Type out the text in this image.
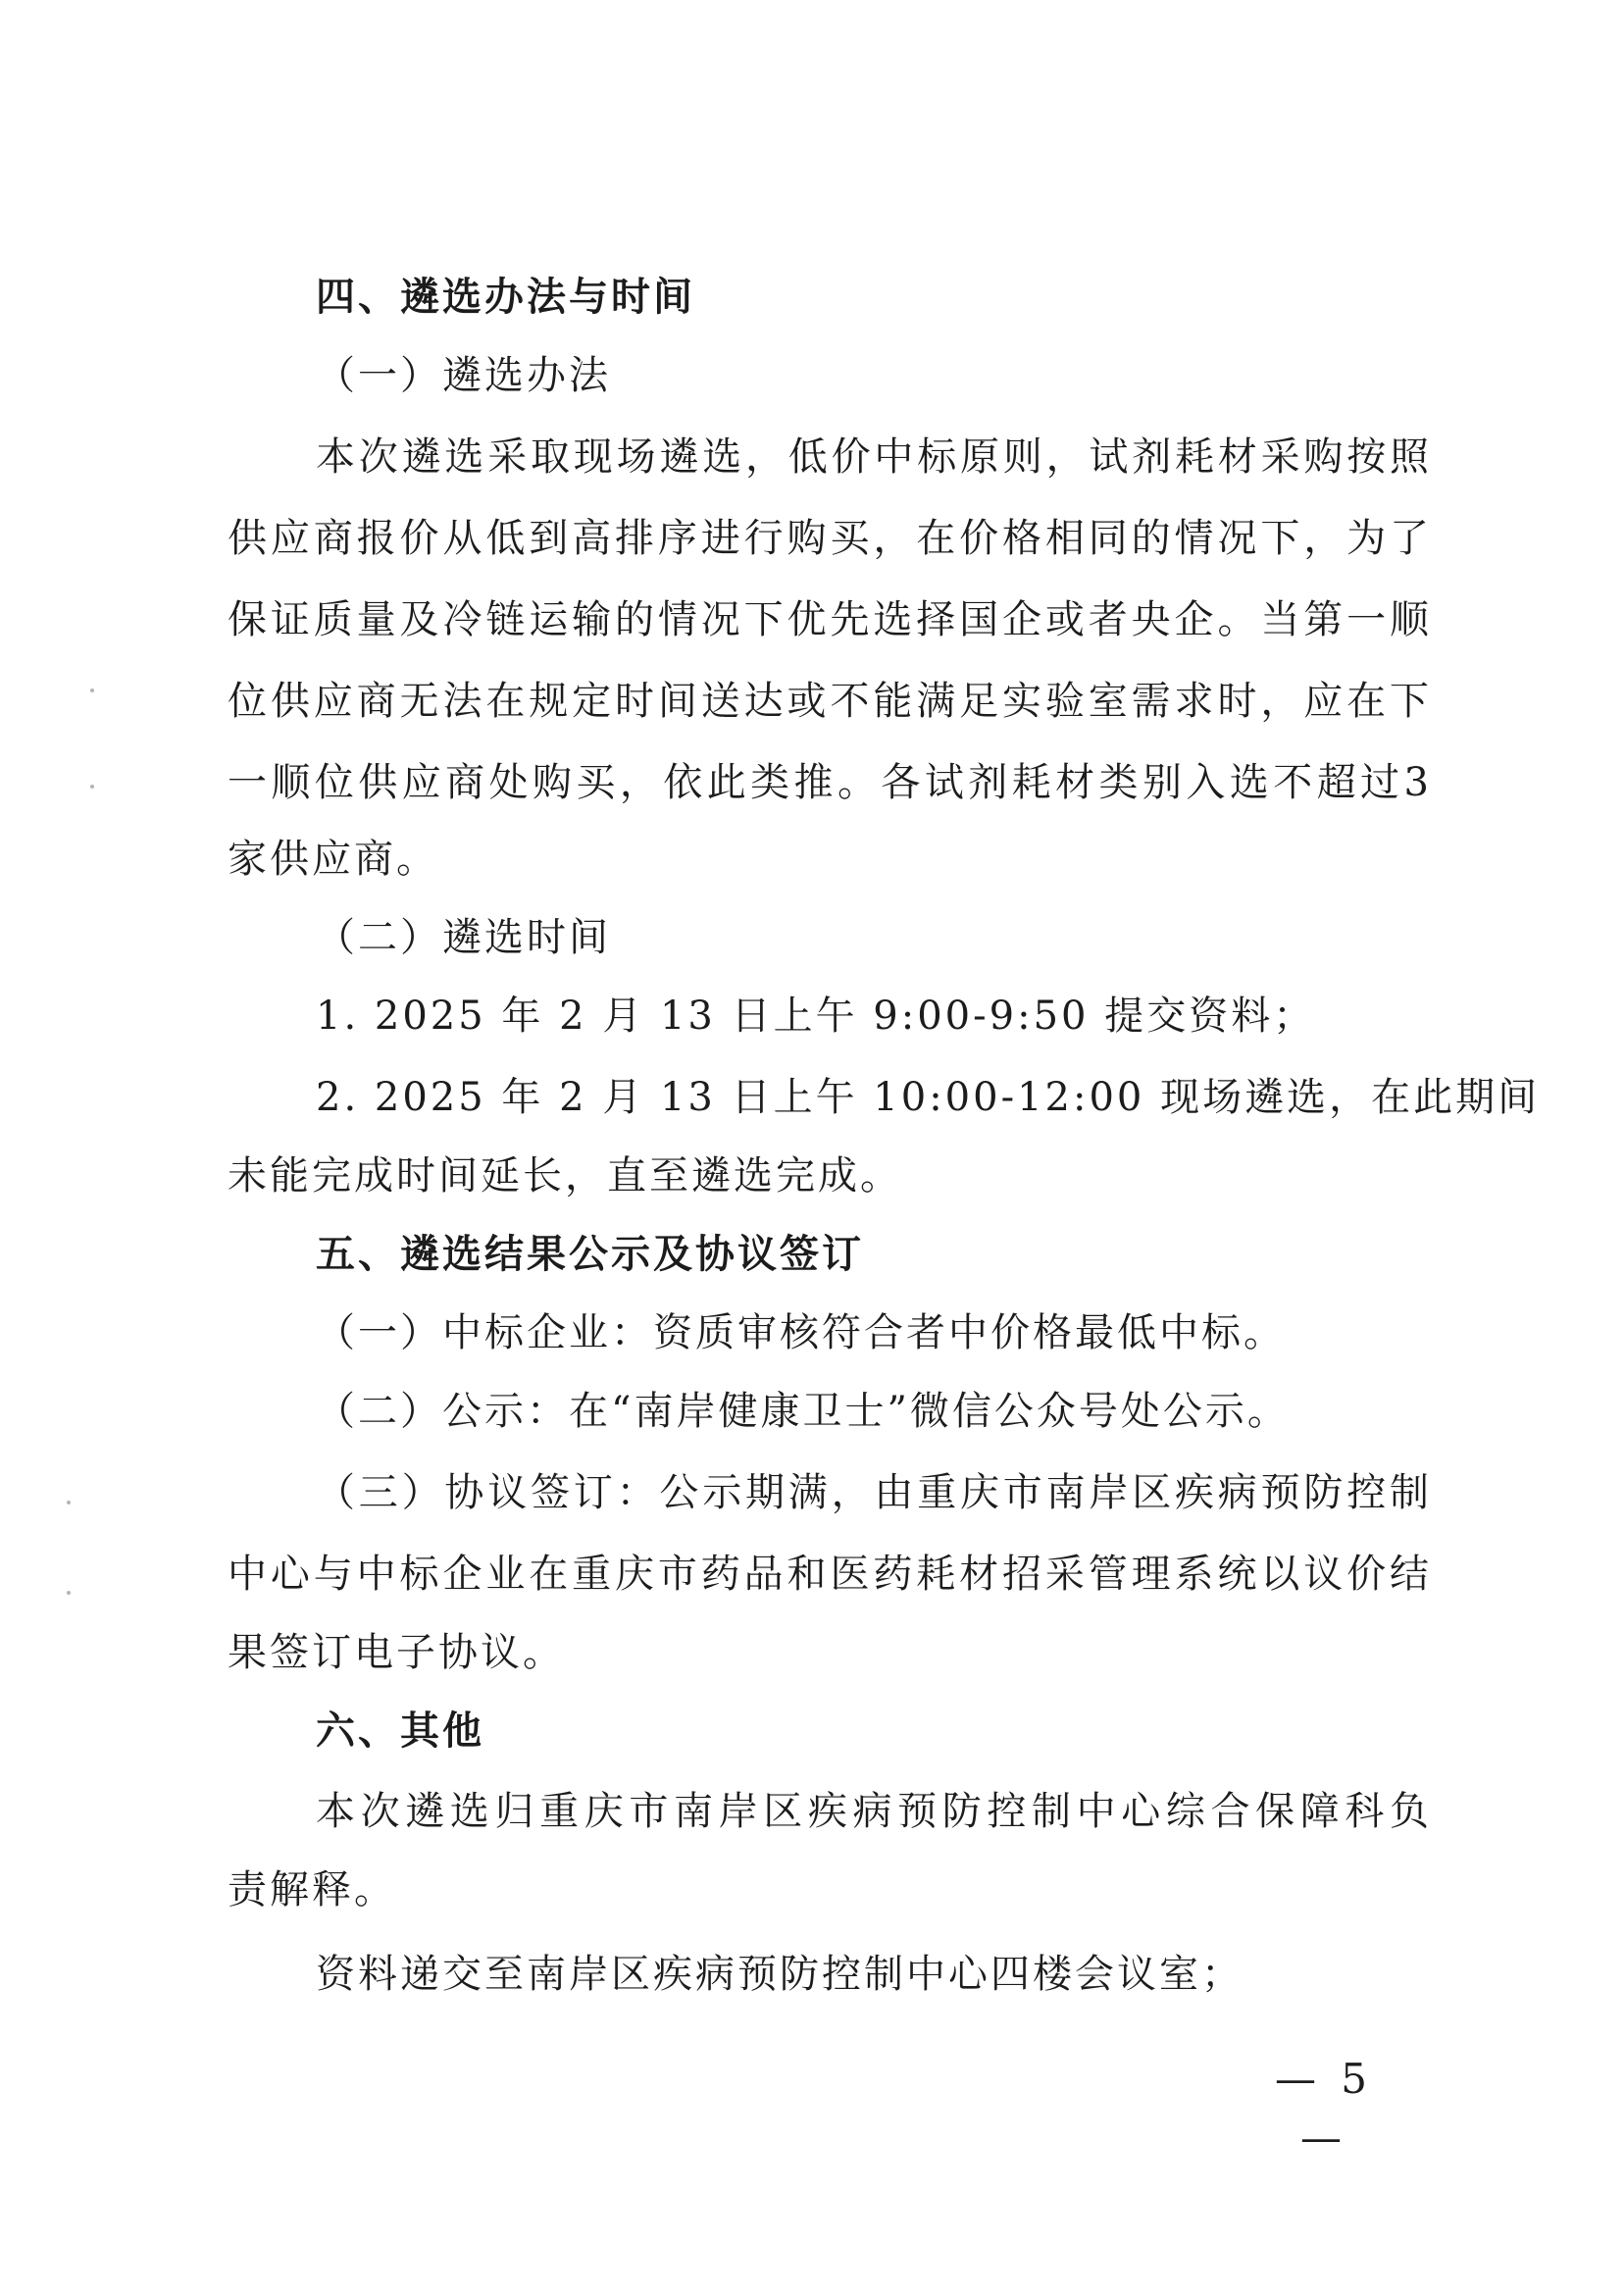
四、遴选办法与时间
（一）遴选办法
本次遴选采取现场遴选，低价中标原则，试剂耗材采购按照
供应商报价从低到高排序进行购买，在价格相同的情况下，为了
保证质量及冷链运输的情况下优先选择国企或者央企。当第一顺
位供应商无法在规定时间送达或不能满足实验室需求时，应在下
一顺位供应商处购买，依此类推。各试剂耗材类别入选不超过3
家供应商。
（二）遴选时间
1. 2025 年 2 月 13 日上午 9:00-9:50 提交资料；
2. 2025 年 2 月 13 日上午 10:00-12:00 现场遴选，在此期间
未能完成时间延长，直至遴选完成。
五、遴选结果公示及协议签订
（一）中标企业：资质审核符合者中价格最低中标。
（二）公示：在“南岸健康卫士”微信公众号处公示。
（三）协议签订：公示期满，由重庆市南岸区疾病预防控制
中心与中标企业在重庆市药品和医药耗材招采管理系统以议价结
果签订电子协议。
六、其他
本次遴选归重庆市南岸区疾病预防控制中心综合保障科负
责解释。
资料递交至南岸区疾病预防控制中心四楼会议室；
— 5 —
